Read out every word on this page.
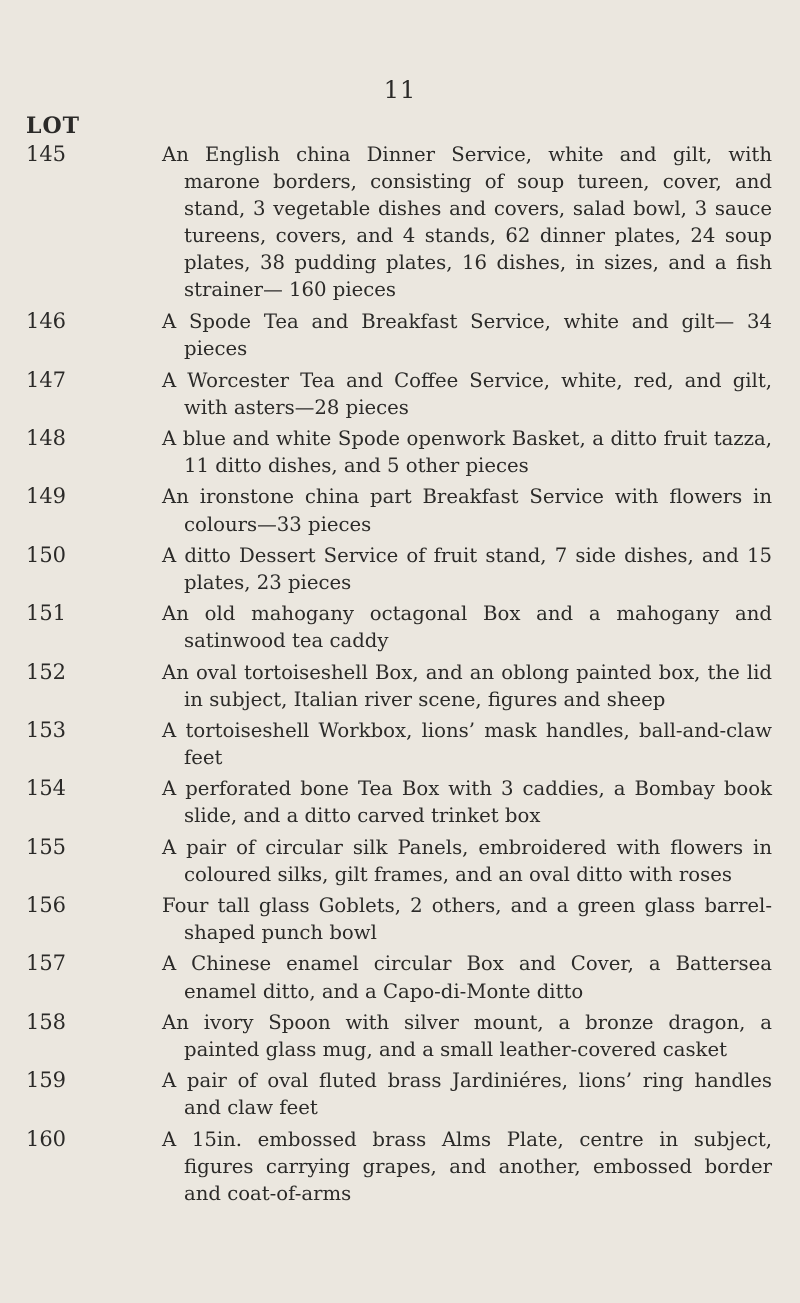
11
LOT
145	An English china Dinner Service, white and gilt, with marone borders, consisting of soup tureen, cover, and stand, 3 vegetable dishes and covers, salad bowl, 3 sauce tureens, covers, and 4 stands, 62 dinner plates, 24 soup plates, 38 pudding plates, 16 dishes, in sizes, and a fish strainer— 160 pieces
146	A Spode Tea and Breakfast Service, white and gilt— 34 pieces
147	A Worcester Tea and Coffee Service, white, red, and gilt, with asters—28 pieces
148	A blue and white Spode openwork Basket, a ditto fruit tazza, 11 ditto dishes, and 5 other pieces
149	An ironstone china part Breakfast Service with flowers in colours—33 pieces
150	A ditto Dessert Service of fruit stand, 7 side dishes, and 15 plates, 23 pieces
151	An old mahogany octagonal Box and a mahogany and satinwood tea caddy
152	An oval tortoiseshell Box, and an oblong painted box, the lid in subject, Italian river scene, figures and sheep
153	A tortoiseshell Workbox, lions’ mask handles, ball-and-claw feet
154	A perforated bone Tea Box with 3 caddies, a Bombay book slide, and a ditto carved trinket box
155	A pair of circular silk Panels, embroidered with flowers in coloured silks, gilt frames, and an oval ditto with roses
156	Four tall glass Goblets, 2 others, and a green glass barrel-shaped punch bowl
157	A Chinese enamel circular Box and Cover, a Battersea enamel ditto, and a Capo-di-Monte ditto
158	An ivory Spoon with silver mount, a bronze dragon, a painted glass mug, and a small leather-covered casket
159	A pair of oval fluted brass Jardiniéres, lions’ ring handles and claw feet
160	A 15in. embossed brass Alms Plate, centre in subject, figures carrying grapes, and another, embossed border and coat-of-arms
